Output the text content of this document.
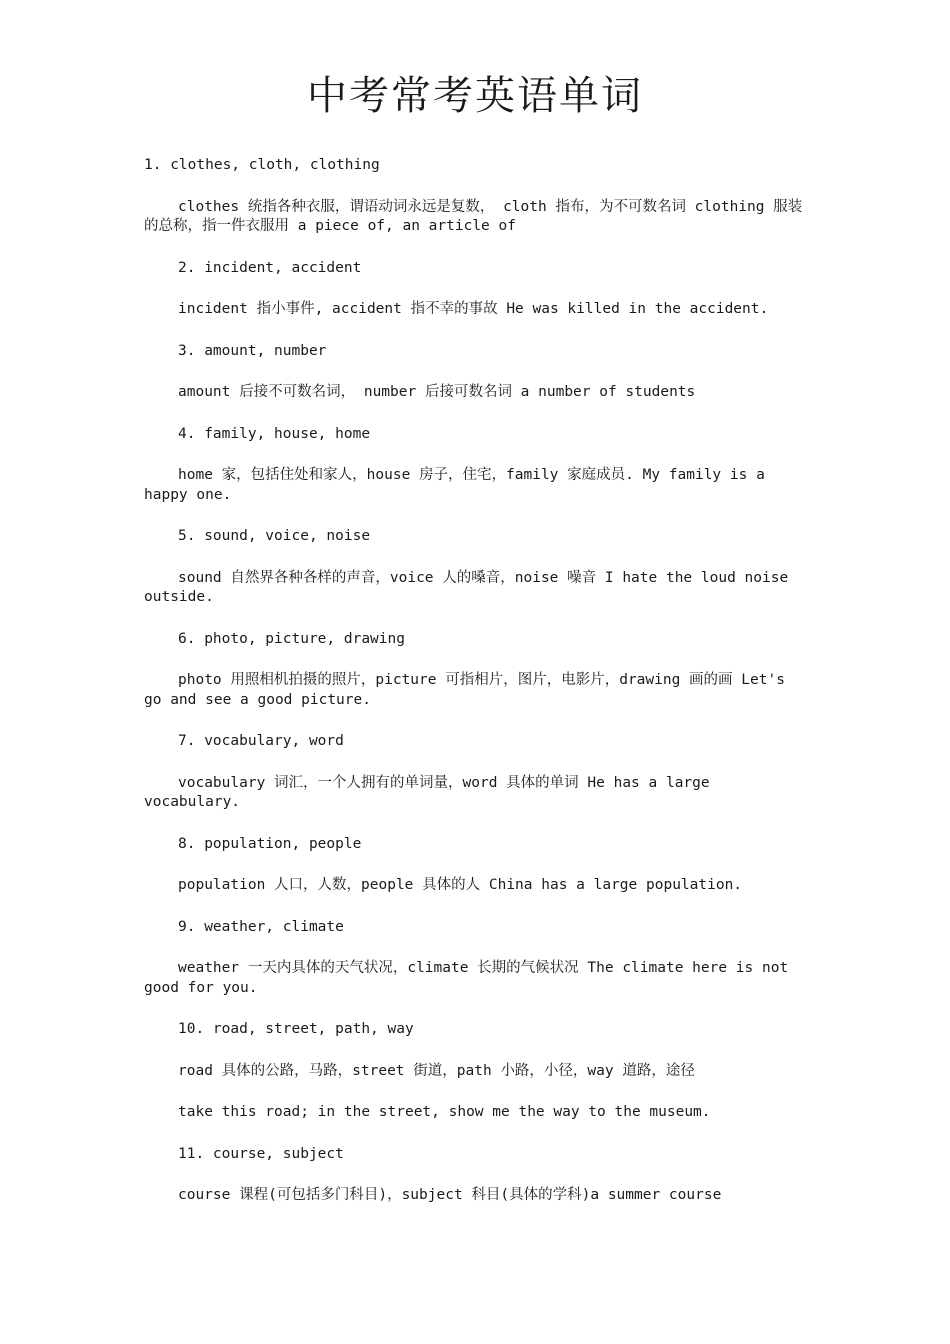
中考常考英语单词

1. clothes, cloth, clothing

clothes 统指各种衣服，谓语动词永远是复数， cloth 指布，为不可数名词 clothing 服装的总称，指一件衣服用 a piece of, an article of

2. incident, accident

incident 指小事件, accident 指不幸的事故 He was killed in the accident.

3. amount, number

amount 后接不可数名词， number 后接可数名词 a number of students

4. family, house, home

home 家，包括住处和家人，house 房子，住宅，family 家庭成员. My family is a happy one.

5. sound, voice, noise

sound 自然界各种各样的声音，voice 人的嗓音，noise 噪音 I hate the loud noise outside.

6. photo, picture, drawing

photo 用照相机拍摄的照片，picture 可指相片，图片，电影片，drawing 画的画 Let's go and see a good picture.

7. vocabulary, word

vocabulary 词汇，一个人拥有的单词量，word 具体的单词 He has a large vocabulary.

8. population, people

population 人口，人数，people 具体的人 China has a large population.

9. weather, climate

weather 一天内具体的天气状况，climate 长期的气候状况 The climate here is not good for you.

10. road, street, path, way

road 具体的公路，马路，street 街道，path 小路，小径，way 道路，途径

take this road; in the street, show me the way to the museum.

11. course, subject

course 课程(可包括多门科目)，subject 科目(具体的学科)a summer course
